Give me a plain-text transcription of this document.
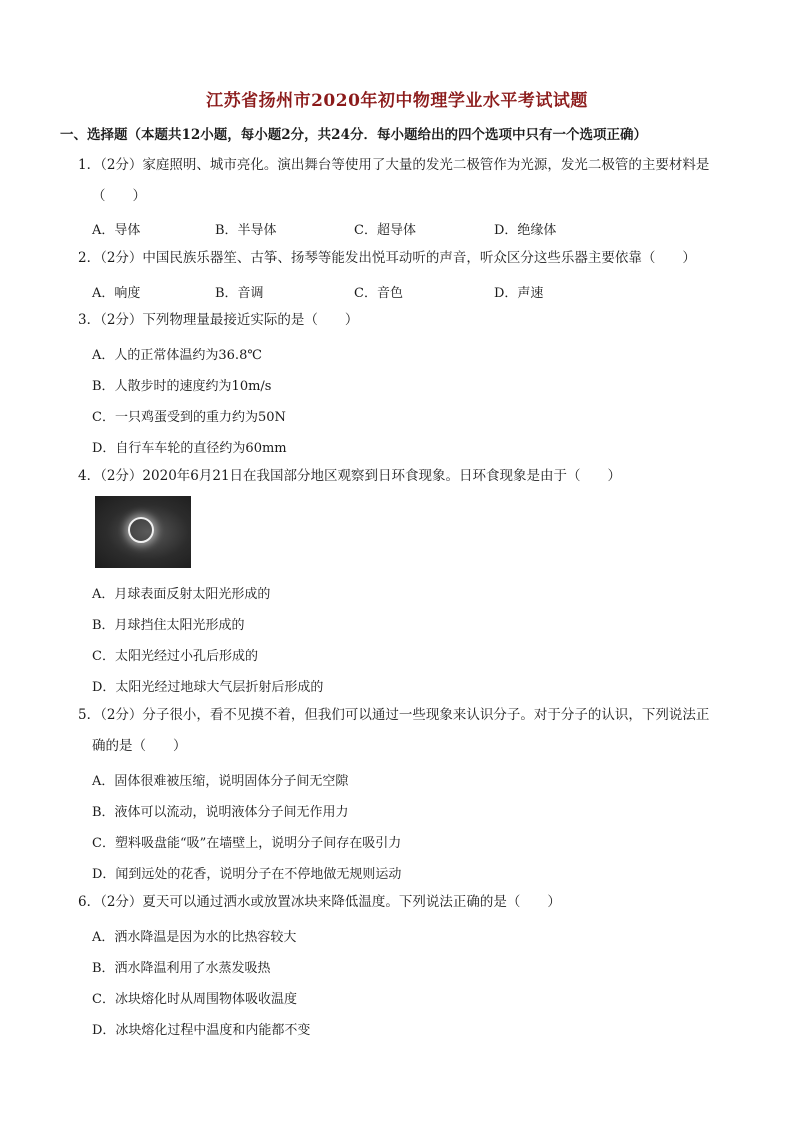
江苏省扬州市2020年初中物理学业水平考试试题
一、选择题（本题共12小题，每小题2分，共24分．每小题给出的四个选项中只有一个选项正确）
1．（2分）家庭照明、城市亮化。演出舞台等使用了大量的发光二极管作为光源，发光二极管的主要材料是
（　　）
A．导体	B．半导体	C．超导体	D．绝缘体
2．（2分）中国民族乐器笙、古筝、扬琴等能发出悦耳动听的声音，听众区分这些乐器主要依靠（　　）
A．响度	B．音调	C．音色	D．声速
3．（2分）下列物理量最接近实际的是（　　）
A．人的正常体温约为36.8℃
B．人散步时的速度约为10m/s
C．一只鸡蛋受到的重力约为50N
D．自行车车轮的直径约为60mm
4．（2分）2020年6月21日在我国部分地区观察到日环食现象。日环食现象是由于（　　）
A．月球表面反射太阳光形成的
B．月球挡住太阳光形成的
C．太阳光经过小孔后形成的
D．太阳光经过地球大气层折射后形成的
5．（2分）分子很小，看不见摸不着，但我们可以通过一些现象来认识分子。对于分子的认识，下列说法正
确的是（　　）
A．固体很难被压缩，说明固体分子间无空隙
B．液体可以流动，说明液体分子间无作用力
C．塑料吸盘能“吸”在墙壁上，说明分子间存在吸引力
D．闻到远处的花香，说明分子在不停地做无规则运动
6．（2分）夏天可以通过洒水或放置冰块来降低温度。下列说法正确的是（　　）
A．洒水降温是因为水的比热容较大
B．洒水降温利用了水蒸发吸热
C．冰块熔化时从周围物体吸收温度
D．冰块熔化过程中温度和内能都不变
